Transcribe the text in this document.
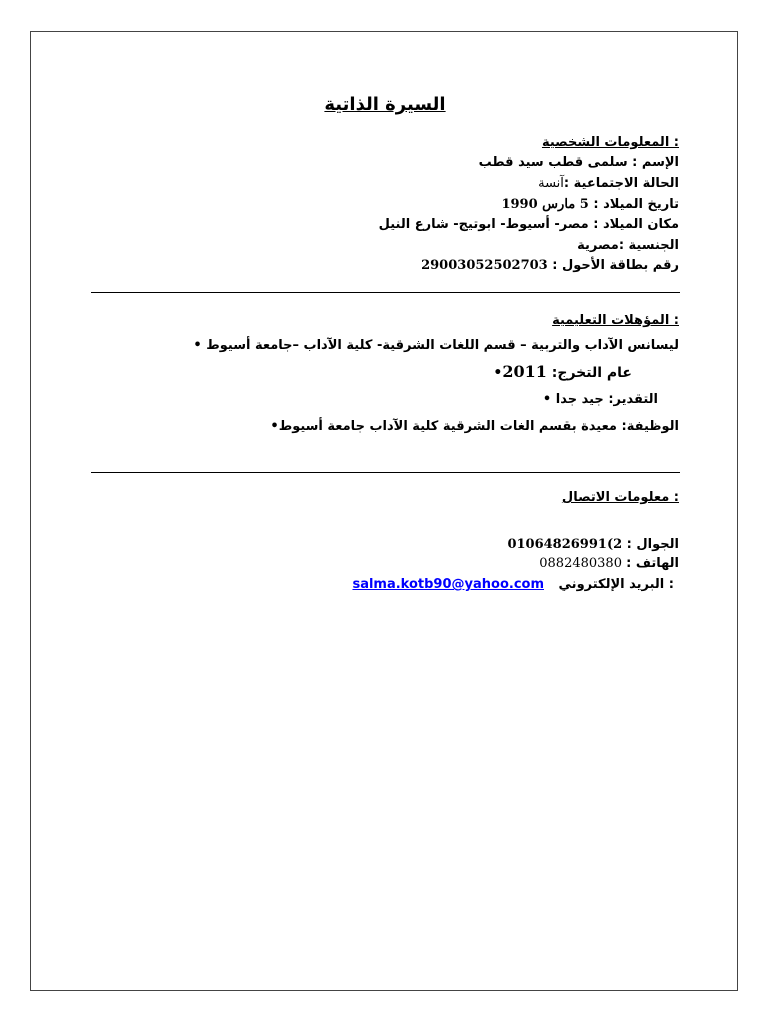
السيرة الذاتية
: المعلومات الشخصية
الإسم : سلمى قطب سيد قطب
الحالة الاجتماعية :آنسة
تاريخ الميلاد : 5 مارس 1990
مكان الميلاد : مصر- أسيوط- ابوتيج- شارع النيل
الجنسية :مصرية
رقم بطاقة الأحول : 29003052502703
: المؤهلات التعليمية
ليسانس الآداب والتربية – قسم اللغات الشرقية- كلية الآداب –جامعة أسيوط •
عام التخرج: 2011•
التقدير: جيد جدا •
الوظيفة: معيدة بقسم الغات الشرقية كلية الآداب جامعة أسيوط•
: معلومات الاتصال
الجوال : 2)01064826991
الهاتف : 0882480380
salma.kotb90@yahoo.com : البريد الإلكتروني
